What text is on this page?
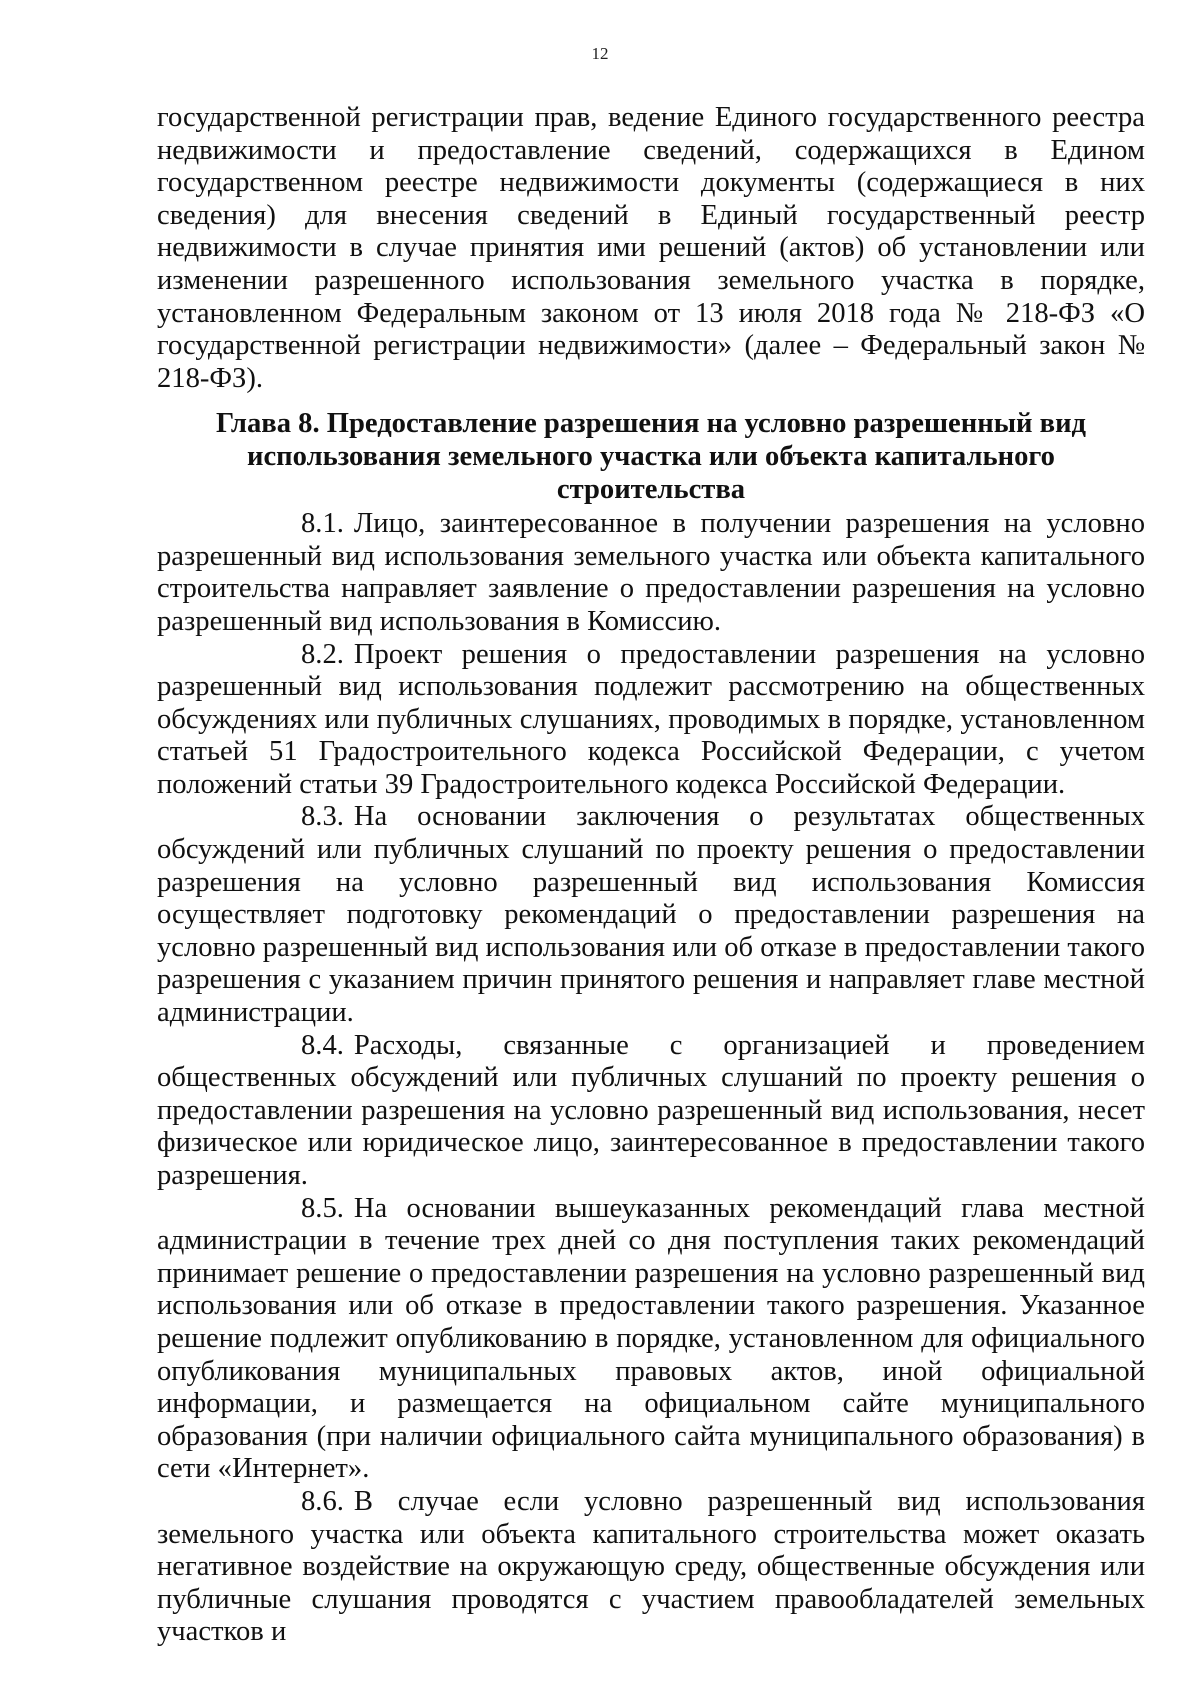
12

государственной регистрации прав, ведение Единого государственного реестра недвижимости и предоставление сведений, содержащихся в Едином государственном реестре недвижимости документы (содержащиеся в них сведения) для внесения сведений в Единый государственный реестр недвижимости в случае принятия ими решений (актов) об установлении или изменении разрешенного использования земельного участка в порядке, установленном Федеральным законом от 13 июля 2018 года № 218-ФЗ «О государственной регистрации недвижимости» (далее – Федеральный закон № 218-ФЗ).

Глава 8. Предоставление разрешения на условно разрешенный вид использования земельного участка или объекта капитального строительства

8.1. Лицо, заинтересованное в получении разрешения на условно разрешенный вид использования земельного участка или объекта капитального строительства направляет заявление о предоставлении разрешения на условно разрешенный вид использования в Комиссию.

8.2. Проект решения о предоставлении разрешения на условно разрешенный вид использования подлежит рассмотрению на общественных обсуждениях или публичных слушаниях, проводимых в порядке, установленном статьей 51 Градостроительного кодекса Российской Федерации, с учетом положений статьи 39 Градостроительного кодекса Российской Федерации.

8.3. На основании заключения о результатах общественных обсуждений или публичных слушаний по проекту решения о предоставлении разрешения на условно разрешенный вид использования Комиссия осуществляет подготовку рекомендаций о предоставлении разрешения на условно разрешенный вид использования или об отказе в предоставлении такого разрешения с указанием причин принятого решения и направляет главе местной администрации.

8.4. Расходы, связанные с организацией и проведением общественных обсуждений или публичных слушаний по проекту решения о предоставлении разрешения на условно разрешенный вид использования, несет физическое или юридическое лицо, заинтересованное в предоставлении такого разрешения.

8.5. На основании вышеуказанных рекомендаций глава местной администрации в течение трех дней со дня поступления таких рекомендаций принимает решение о предоставлении разрешения на условно разрешенный вид использования или об отказе в предоставлении такого разрешения. Указанное решение подлежит опубликованию в порядке, установленном для официального опубликования муниципальных правовых актов, иной официальной информации, и размещается на официальном сайте муниципального образования (при наличии официального сайта муниципального образования) в сети «Интернет».

8.6. В случае если условно разрешенный вид использования земельного участка или объекта капитального строительства может оказать негативное воздействие на окружающую среду, общественные обсуждения или публичные слушания проводятся с участием правообладателей земельных участков и
